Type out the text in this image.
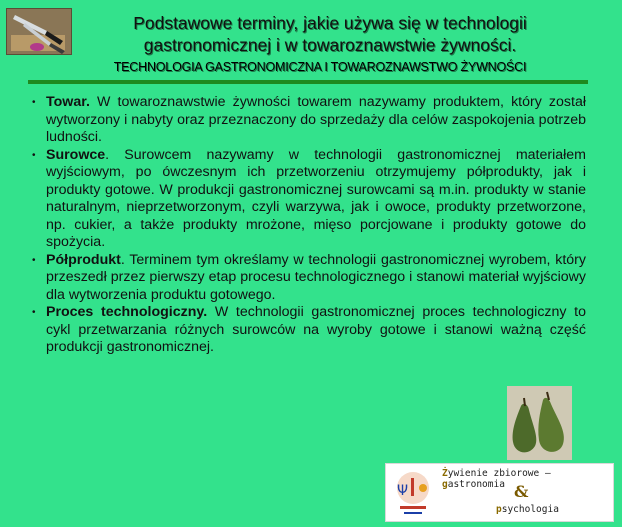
Podstawowe terminy, jakie używa się w technologii
gastronomicznej i w towaroznawstwie żywności.
TECHNOLOGIA GASTRONOMICZNA I TOWAROZNAWSTWO ŻYWNOŚCI
• Towar. W towaroznawstwie żywności towarem nazywamy produktem, który został wytworzony i nabyty oraz przeznaczony do sprzedaży dla celów zaspokojenia potrzeb ludności.
• Surowce. Surowcem nazywamy w technologii gastronomicznej materiałem wyjściowym, po ówczesnym ich przetworzeniu otrzymujemy półprodukty, jak i produkty gotowe. W produkcji gastronomicznej surowcami są m.in. produkty w stanie naturalnym, nieprzetworzonym, czyli warzywa, jak i owoce, produkty przetworzone, np. cukier, a także produkty mrożone, mięso porcjowane i produkty gotowe do spożycia.
• Półprodukt. Terminem tym określamy w technologii gastronomicznej wyrobem, który przeszedł przez pierwszy etap procesu technologicznego i stanowi materiał wyjściowy dla wytworzenia produktu gotowego.
• Proces technologiczny. W technologii gastronomicznej proces technologiczny to cykl przetwarzania różnych surowców na wyroby gotowe i stanowi ważną część produkcji gastronomicznej.
Ψ
Żywienie zbiorowe – gastronomia &
psychologia
